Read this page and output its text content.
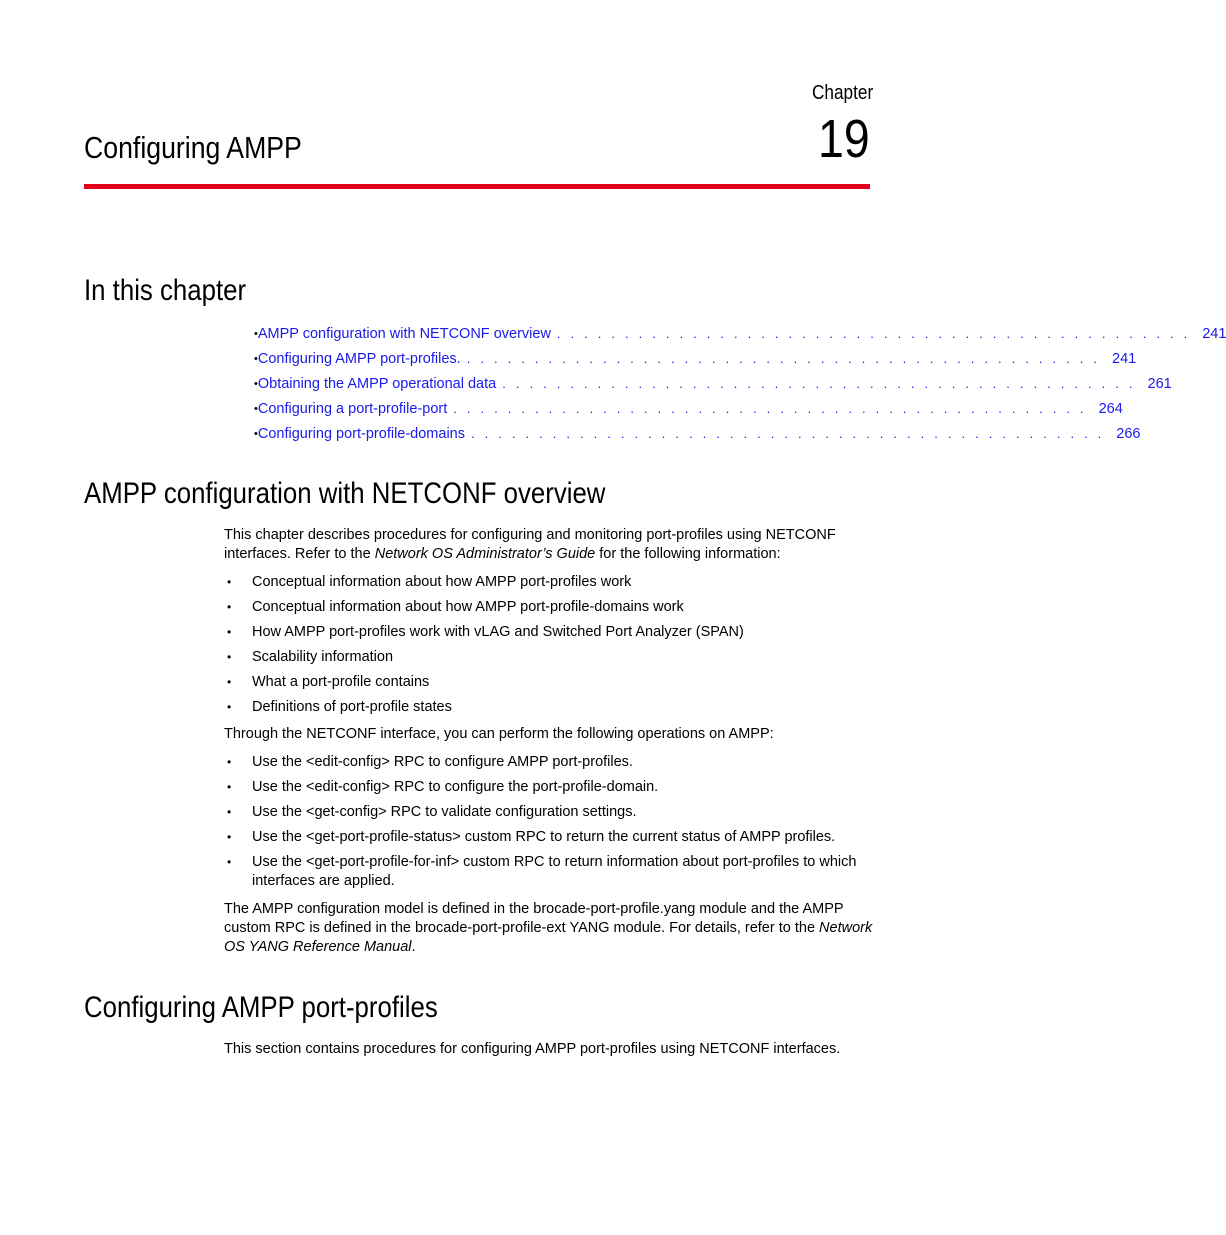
Chapter
19
Configuring AMPP
In this chapter
• AMPP configuration with NETCONF overview . . . . . . . . . . . . . . . . . . . . . . . . . . . . . . . . . . . . . . . . . . . . . . . 241
• Configuring AMPP port-profiles. . . . . . . . . . . . . . . . . . . . . . . . . . . . . . . . . . . . . . . . . . . . . . . . 241
• Obtaining the AMPP operational data . . . . . . . . . . . . . . . . . . . . . . . . . . . . . . . . . . . . . . . . . . . . . . . 261
• Configuring a port-profile-port . . . . . . . . . . . . . . . . . . . . . . . . . . . . . . . . . . . . . . . . . . . . . . . 264
• Configuring port-profile-domains . . . . . . . . . . . . . . . . . . . . . . . . . . . . . . . . . . . . . . . . . . . . . . . 266
AMPP configuration with NETCONF overview

This chapter describes procedures for configuring and monitoring port-profiles using NETCONF interfaces. Refer to the Network OS Administrator’s Guide for the following information:

• Conceptual information about how AMPP port-profiles work
• Conceptual information about how AMPP port-profile-domains work
• How AMPP port-profiles work with vLAG and Switched Port Analyzer (SPAN)
• Scalability information
• What a port-profile contains
• Definitions of port-profile states

Through the NETCONF interface, you can perform the following operations on AMPP:

• Use the <edit-config> RPC to configure AMPP port-profiles.
• Use the <edit-config> RPC to configure the port-profile-domain.
• Use the <get-config> RPC to validate configuration settings.
• Use the <get-port-profile-status> custom RPC to return the current status of AMPP profiles.
• Use the <get-port-profile-for-inf> custom RPC to return information about port-profiles to which interfaces are applied.

The AMPP configuration model is defined in the brocade-port-profile.yang module and the AMPP custom RPC is defined in the brocade-port-profile-ext YANG module. For details, refer to the Network OS YANG Reference Manual.

Configuring AMPP port-profiles

This section contains procedures for configuring AMPP port-profiles using NETCONF interfaces.
